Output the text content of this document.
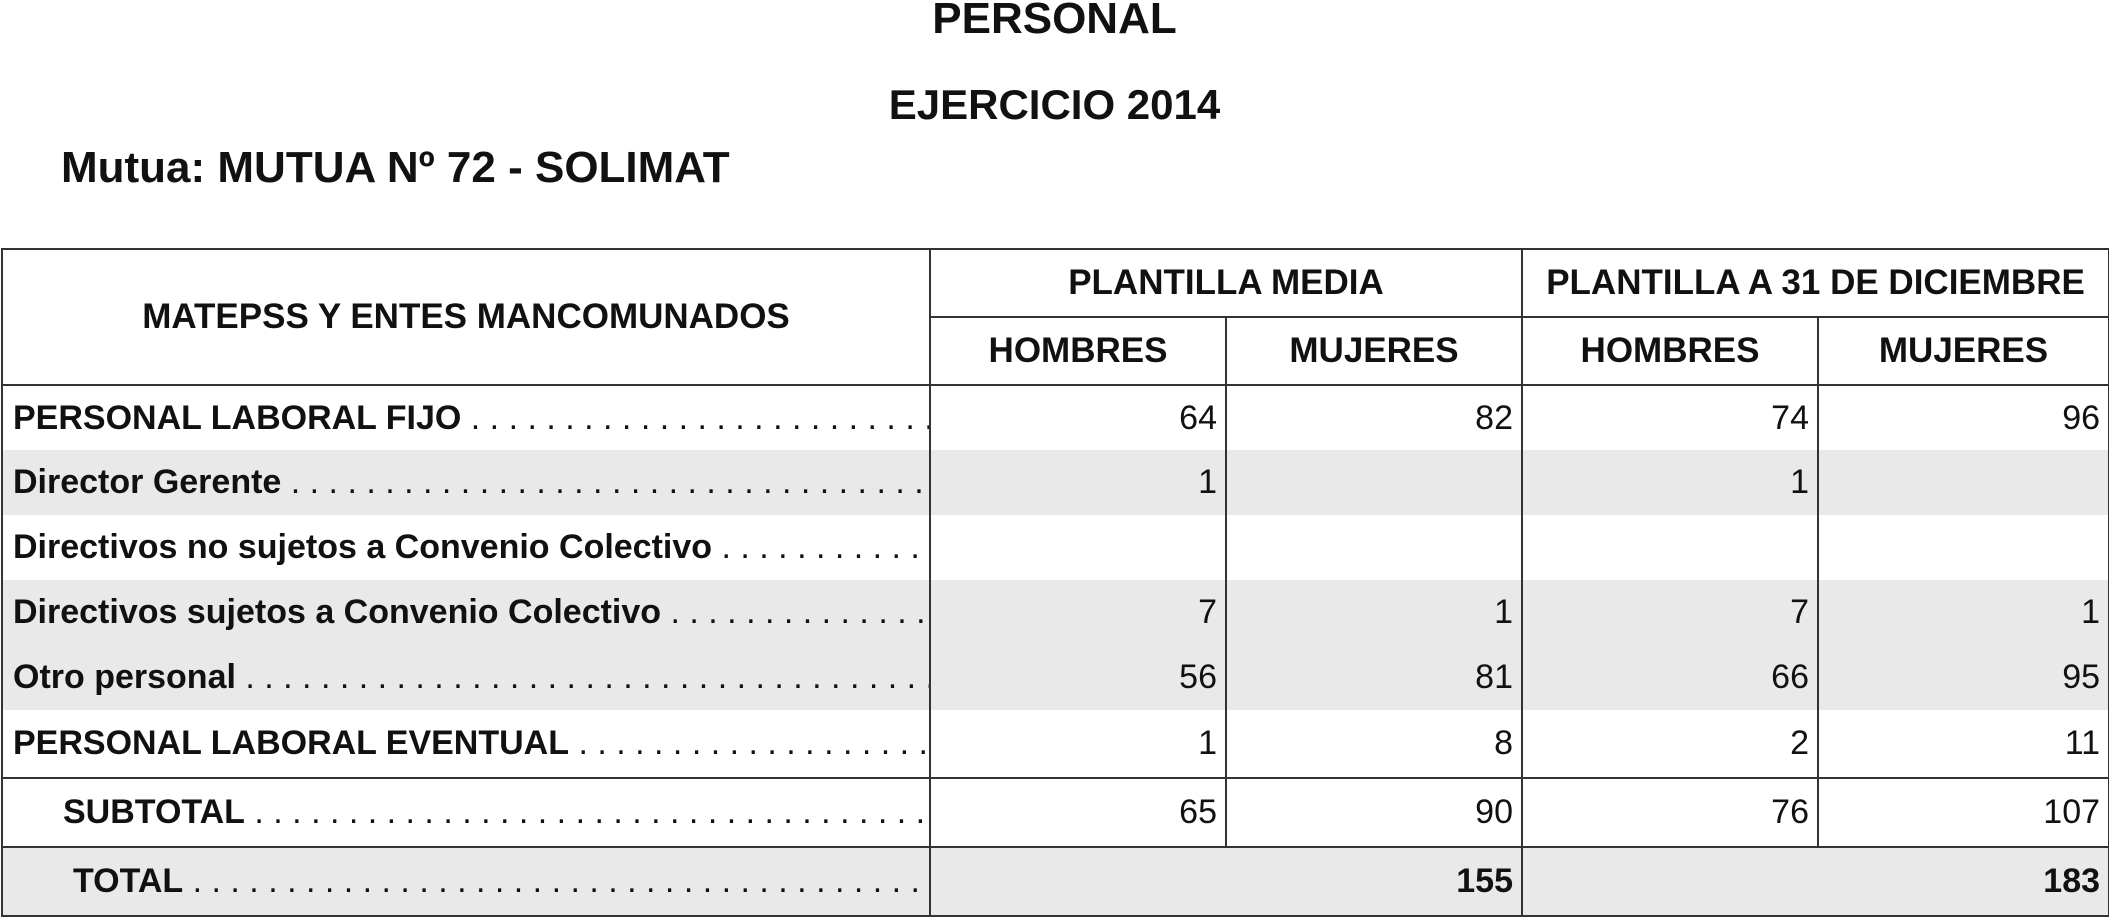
PERSONAL
EJERCICIO 2014

Mutua: MUTUA Nº 72 - SOLIMAT

MATEPSS Y ENTES MANCOMUNADOS	PLANTILLA MEDIA		PLANTILLA A 31 DE DICIEMBRE	
	HOMBRES	MUJERES	HOMBRES	MUJERES
PERSONAL LABORAL FIJO . . .	64	82	74	96
Director Gerente . . .	1		1	
Directivos no sujetos a Convenio Colectivo . . .				
Directivos sujetos a Convenio Colectivo . . .	7	1	7	1
Otro personal . . .	56	81	66	95
PERSONAL LABORAL EVENTUAL . . .	1	8	2	11
SUBTOTAL . . .	65	90	76	107
TOTAL . . .	155		183	
